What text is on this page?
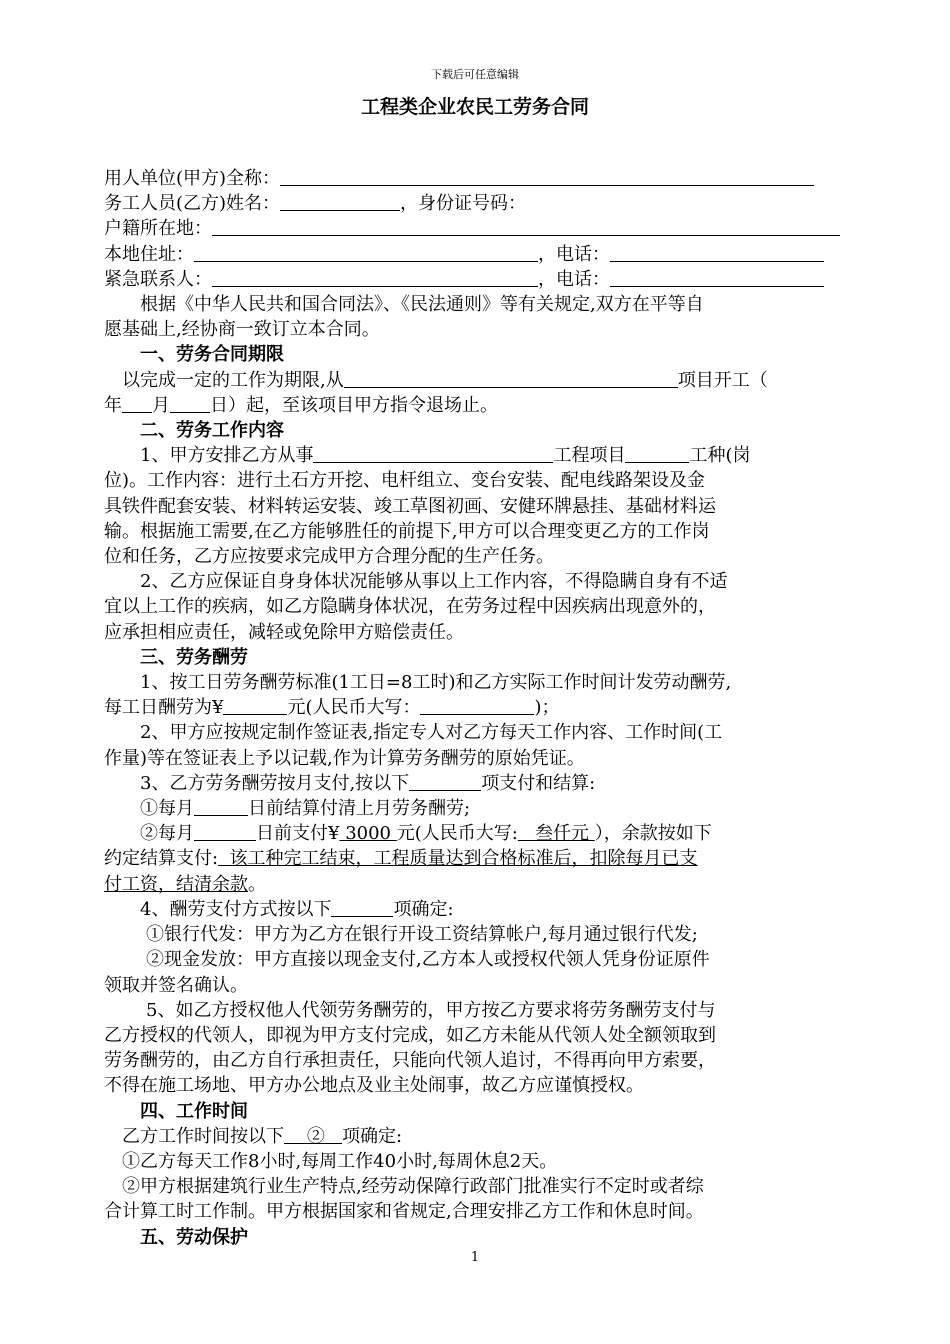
下载后可任意编辑
工程类企业农民工劳务合同

用人单位(甲方)全称：

务工人员(乙方)姓名：	，身份证号码：

户籍所在地：

本地住址：	，电话：

紧急联系人：	，电话：

根据《中华人民共和国合同法》、《民法通则》等有关规定,双方在平等自

愿基础上,经协商一致订立本合同。

一、劳务合同期限

以完成一定的工作为期限,从	项目开工（

年 月 日）起，至该项目甲方指令退场止。

二、劳务工作内容

1、甲方安排乙方从事	工程项目	工种(岗

位)。工作内容：进行土石方开挖、电杆组立、变台安装、配电线路架设及金

具铁件配套安装、材料转运安装、竣工草图初画、安健环牌悬挂、基础材料运

输。根据施工需要,在乙方能够胜任的前提下,甲方可以合理变更乙方的工作岗

位和任务，乙方应按要求完成甲方合理分配的生产任务。

2、乙方应保证自身身体状况能够从事以上工作内容，不得隐瞒自身有不适

宜以上工作的疾病，如乙方隐瞒身体状况，在劳务过程中因疾病出现意外的，

应承担相应责任，减轻或免除甲方赔偿责任。

三、劳务酬劳

1、按工日劳务酬劳标准(1工日=8工时)和乙方实际工作时间计发劳动酬劳,

每工日酬劳为¥	元(人民币大写：	)；

2、甲方应按规定制作签证表,指定专人对乙方每天工作内容、工作时间(工

作量)等在签证表上予以记载,作为计算劳务酬劳的原始凭证。

3、乙方劳务酬劳按月支付,按以下	项支付和结算:

①每月	日前结算付清上月劳务酬劳;

②每月	日前支付¥ 3000 元(人民币大写: 叁仟元 ），余款按如下

约定结算支付: 该工种完工结束，工程质量达到合格标准后，扣除每月已支

付工资，结清余款。

4、酬劳支付方式按以下	项确定:

①银行代发：甲方为乙方在银行开设工资结算帐户,每月通过银行代发;

②现金发放：甲方直接以现金支付,乙方本人或授权代领人凭身份证原件

领取并签名确认。

5、如乙方授权他人代领劳务酬劳的，甲方按乙方要求将劳务酬劳支付与

乙方授权的代领人，即视为甲方支付完成，如乙方未能从代领人处全额领取到

劳务酬劳的，由乙方自行承担责任，只能向代领人追讨，不得再向甲方索要，

不得在施工场地、甲方办公地点及业主处闹事，故乙方应谨慎授权。

四、工作时间

乙方工作时间按以下 ② 项确定:

①乙方每天工作8小时,每周工作40小时,每周休息2天。

②甲方根据建筑行业生产特点,经劳动保障行政部门批准实行不定时或者综

合计算工时工作制。甲方根据国家和省规定,合理安排乙方工作和休息时间。

五、劳动保护

1
